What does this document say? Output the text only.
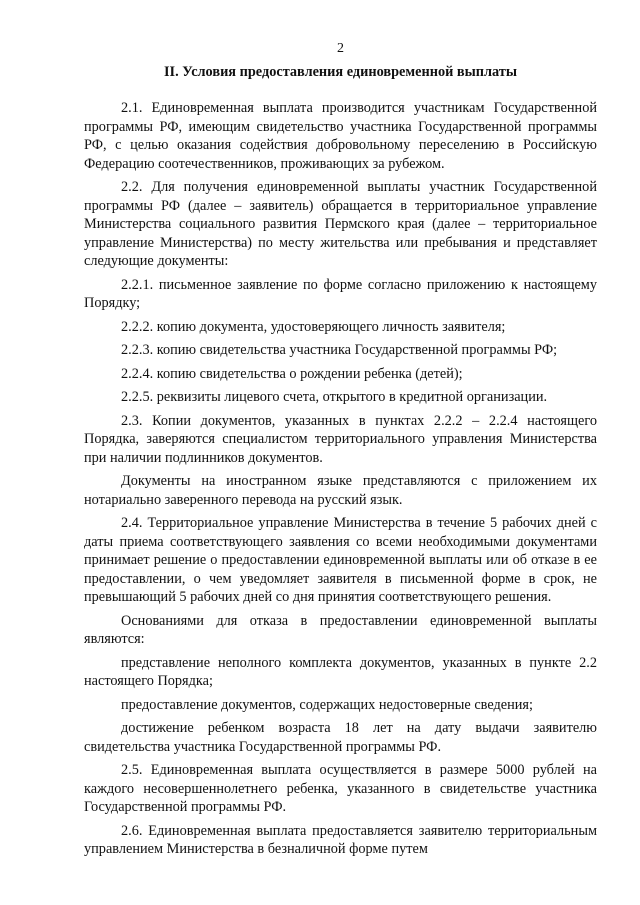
2
II. Условия предоставления единовременной выплаты
2.1. Единовременная выплата производится участникам Государственной программы РФ, имеющим свидетельство участника Государственной программы РФ, с целью оказания содействия добровольному переселению в Российскую Федерацию соотечественников, проживающих за рубежом.
2.2. Для получения единовременной выплаты участник Государственной программы РФ (далее – заявитель) обращается в территориальное управление Министерства социального развития Пермского края (далее – территориальное управление Министерства) по месту жительства или пребывания и представляет следующие документы:
2.2.1. письменное заявление по форме согласно приложению к настоящему Порядку;
2.2.2. копию документа, удостоверяющего личность заявителя;
2.2.3. копию свидетельства участника Государственной программы РФ;
2.2.4. копию свидетельства о рождении ребенка (детей);
2.2.5. реквизиты лицевого счета, открытого в кредитной организации.
2.3. Копии документов, указанных в пунктах 2.2.2 – 2.2.4 настоящего Порядка, заверяются специалистом территориального управления Министерства при наличии подлинников документов.
Документы на иностранном языке представляются с приложением их нотариально заверенного перевода на русский язык.
2.4. Территориальное управление Министерства в течение 5 рабочих дней с даты приема соответствующего заявления со всеми необходимыми документами принимает решение о предоставлении единовременной выплаты или об отказе в ее предоставлении, о чем уведомляет заявителя в письменной форме в срок, не превышающий 5 рабочих дней со дня принятия соответствующего решения.
Основаниями для отказа в предоставлении единовременной выплаты являются:
представление неполного комплекта документов, указанных в пункте 2.2 настоящего Порядка;
предоставление документов, содержащих недостоверные сведения;
достижение ребенком возраста 18 лет на дату выдачи заявителю свидетельства участника Государственной программы РФ.
2.5. Единовременная выплата осуществляется в размере 5000 рублей на каждого несовершеннолетнего ребенка, указанного в свидетельстве участника Государственной программы РФ.
2.6. Единовременная выплата предоставляется заявителю территориальным управлением Министерства в безналичной форме путем
